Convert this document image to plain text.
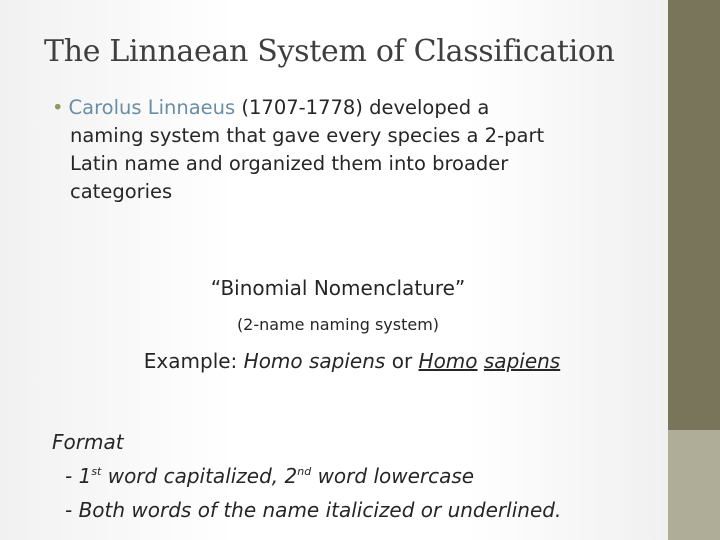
The Linnaean System of Classification
• Carolus Linnaeus (1707-1778) developed a
naming system that gave every species a 2-part
Latin name and organized them into broader
categories
“Binomial Nomenclature”
(2-name naming system)
Example: Homo sapiens or Homo sapiens
Format
- 1st word capitalized, 2nd word lowercase
- Both words of the name italicized or underlined.
